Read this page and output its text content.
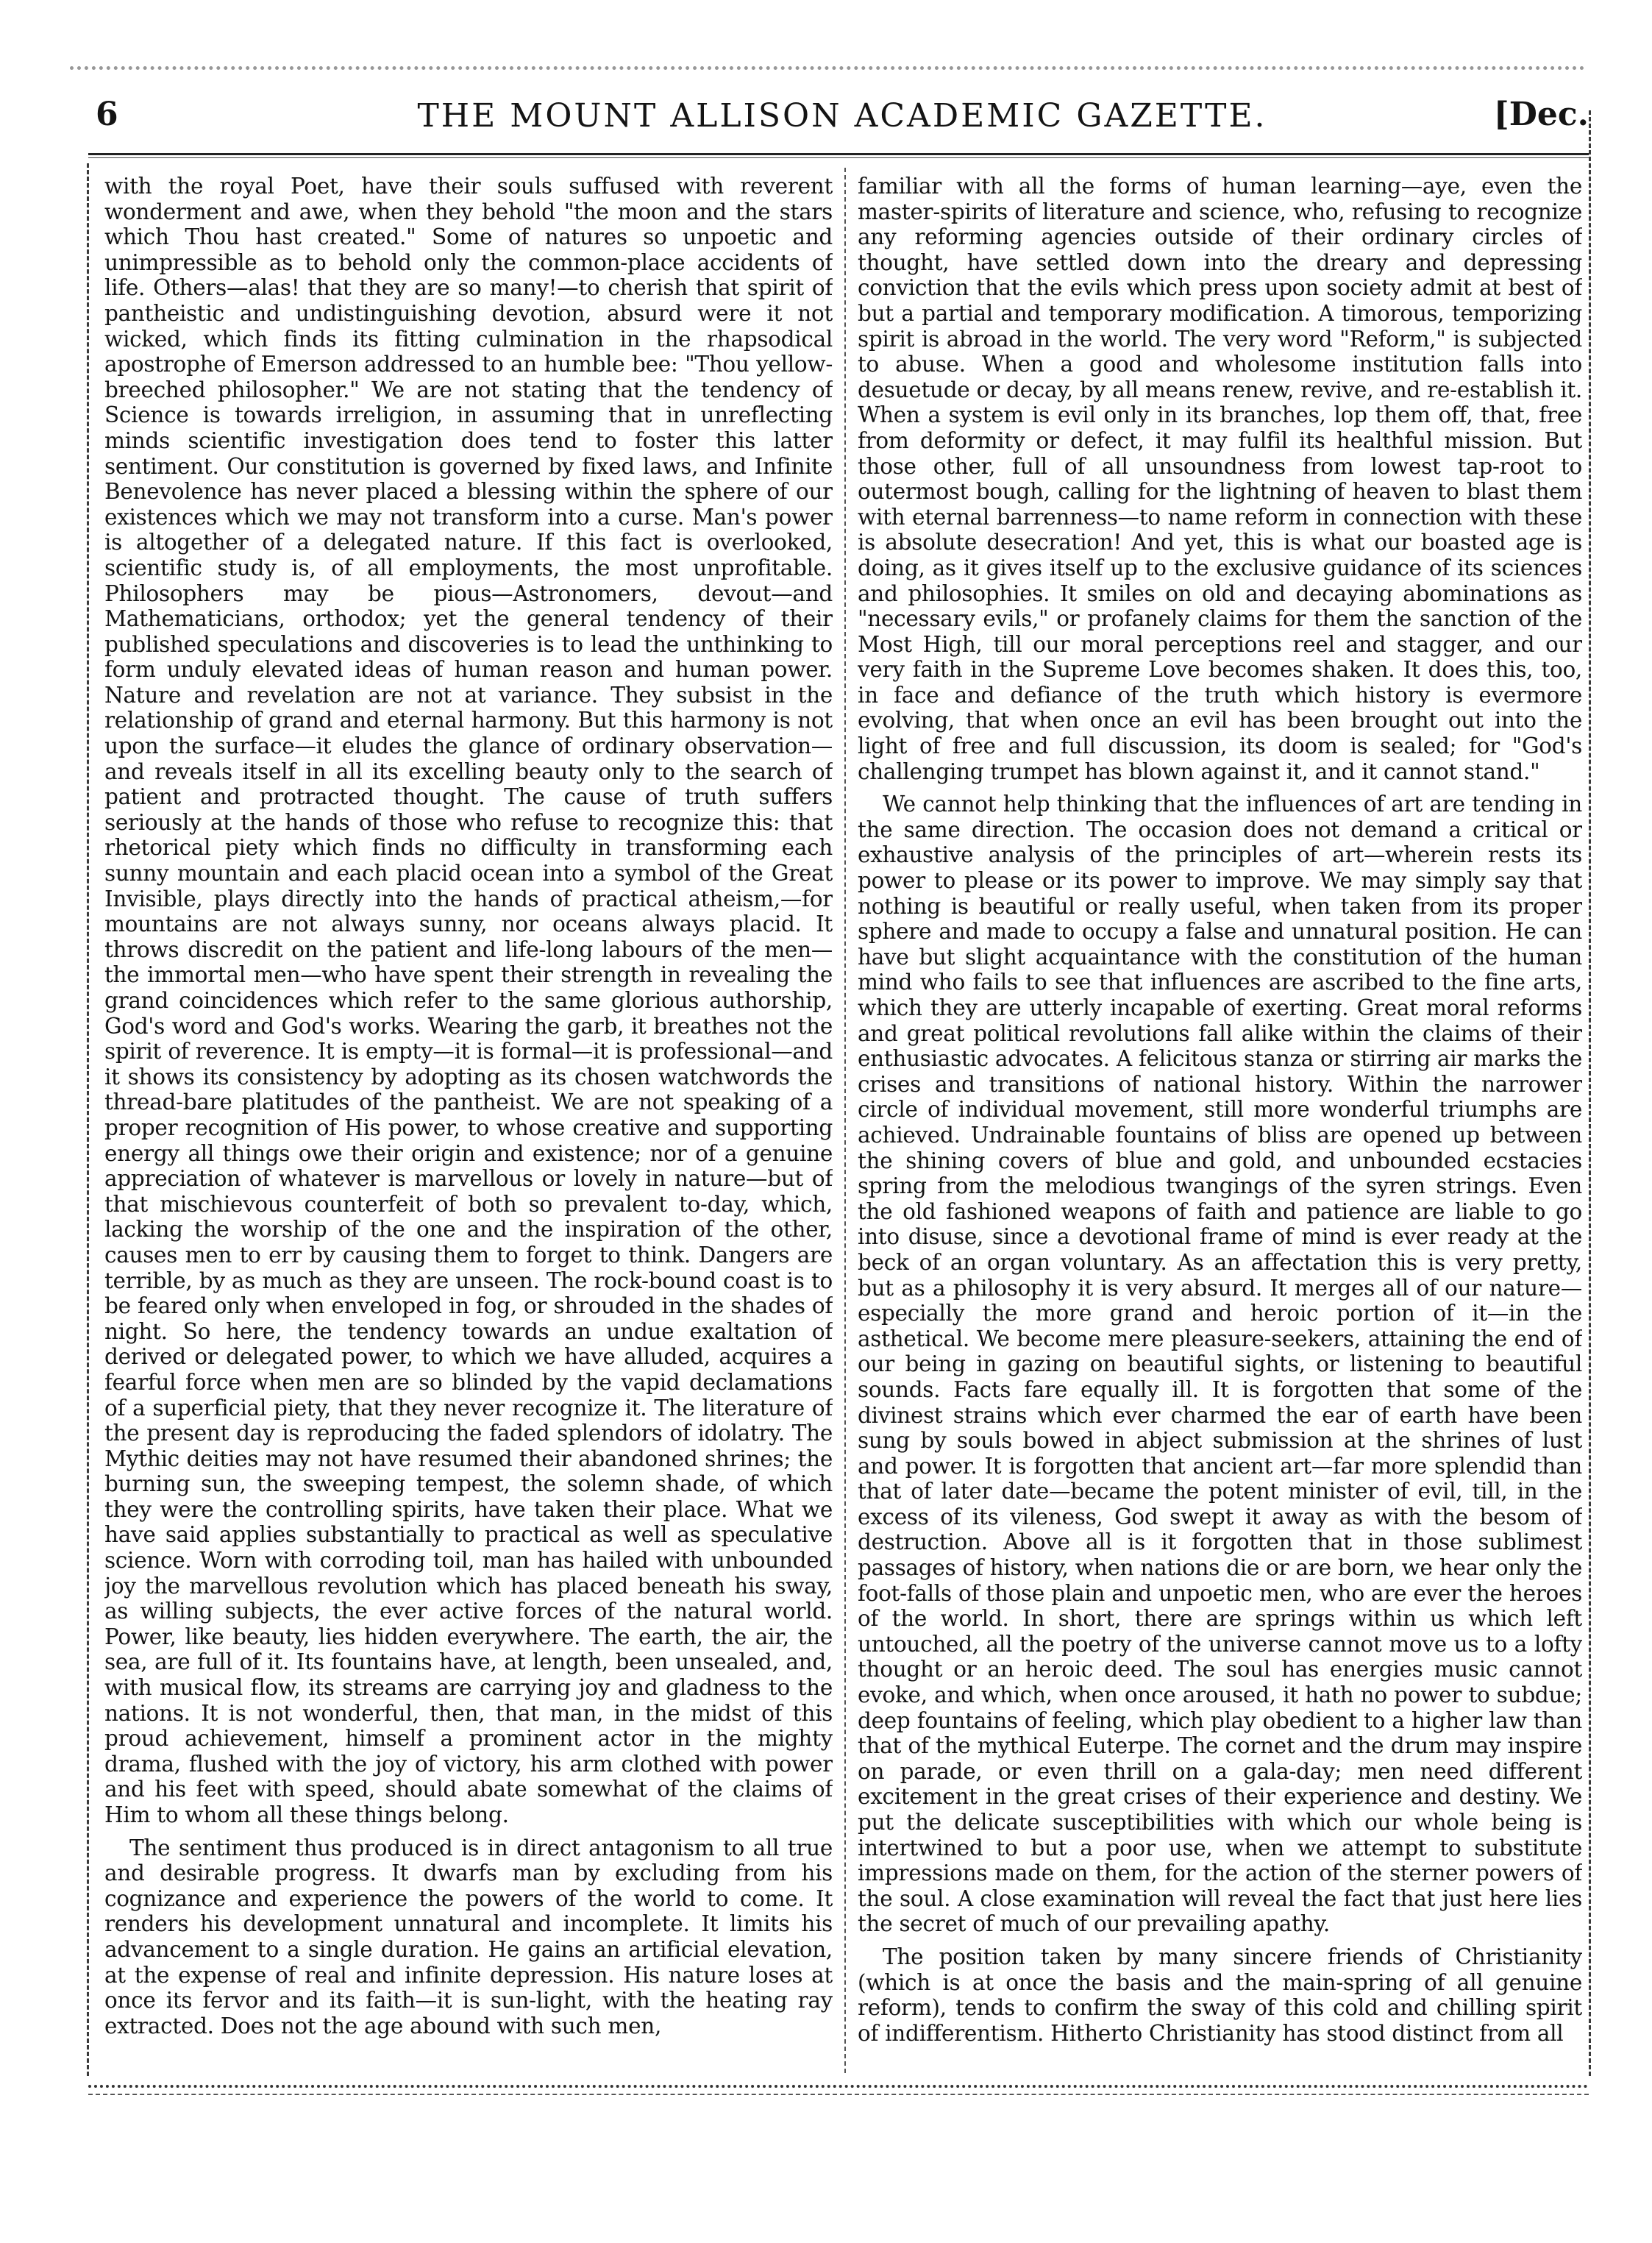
6	THE MOUNT ALLISON ACADEMIC GAZETTE.	[Dec.

with the royal Poet, have their souls suffused with reverent wonderment and awe, when they behold "the moon and the stars which Thou hast created." Some of natures so unpoetic and unimpressible as to behold only the common-place accidents of life. Others—alas! that they are so many!—to cherish that spirit of pantheistic and undistinguishing devotion, absurd were it not wicked, which finds its fitting culmination in the rhapsodical apostrophe of Emerson addressed to an humble bee: "Thou yellow-breeched philosopher." We are not stating that the tendency of Science is towards irreligion, in assuming that in unreflecting minds scientific investigation does tend to foster this latter sentiment. Our constitution is governed by fixed laws, and Infinite Benevolence has never placed a blessing within the sphere of our existences which we may not transform into a curse. Man's power is altogether of a delegated nature. If this fact is overlooked, scientific study is, of all employments, the most unprofitable. Philosophers may be pious—Astronomers, devout—and Mathematicians, orthodox; yet the general tendency of their published speculations and discoveries is to lead the unthinking to form unduly elevated ideas of human reason and human power. Nature and revelation are not at variance. They subsist in the relationship of grand and eternal harmony. But this harmony is not upon the surface—it eludes the glance of ordinary observation—and reveals itself in all its excelling beauty only to the search of patient and protracted thought. The cause of truth suffers seriously at the hands of those who refuse to recognize this: that rhetorical piety which finds no difficulty in transforming each sunny mountain and each placid ocean into a symbol of the Great Invisible, plays directly into the hands of practical atheism,—for mountains are not always sunny, nor oceans always placid. It throws discredit on the patient and life-long labours of the men—the immortal men—who have spent their strength in revealing the grand coincidences which refer to the same glorious authorship, God's word and God's works. Wearing the garb, it breathes not the spirit of reverence. It is empty—it is formal—it is professional—and it shows its consistency by adopting as its chosen watchwords the thread-bare platitudes of the pantheist. We are not speaking of a proper recognition of His power, to whose creative and supporting energy all things owe their origin and existence; nor of a genuine appreciation of whatever is marvellous or lovely in nature—but of that mischievous counterfeit of both so prevalent to-day, which, lacking the worship of the one and the inspiration of the other, causes men to err by causing them to forget to think. Dangers are terrible, by as much as they are unseen. The rock-bound coast is to be feared only when enveloped in fog, or shrouded in the shades of night. So here, the tendency towards an undue exaltation of derived or delegated power, to which we have alluded, acquires a fearful force when men are so blinded by the vapid declamations of a superficial piety, that they never recognize it. The literature of the present day is reproducing the faded splendors of idolatry. The Mythic deities may not have resumed their abandoned shrines; the burning sun, the sweeping tempest, the solemn shade, of which they were the controlling spirits, have taken their place. What we have said applies substantially to practical as well as speculative science. Worn with corroding toil, man has hailed with unbounded joy the marvellous revolution which has placed beneath his sway, as willing subjects, the ever active forces of the natural world. Power, like beauty, lies hidden everywhere. The earth, the air, the sea, are full of it. Its fountains have, at length, been unsealed, and, with musical flow, its streams are carrying joy and gladness to the nations. It is not wonderful, then, that man, in the midst of this proud achievement, himself a prominent actor in the mighty drama, flushed with the joy of victory, his arm clothed with power and his feet with speed, should abate somewhat of the claims of Him to whom all these things belong.

The sentiment thus produced is in direct antagonism to all true and desirable progress. It dwarfs man by excluding from his cognizance and experience the powers of the world to come. It renders his development unnatural and incomplete. It limits his advancement to a single duration. He gains an artificial elevation, at the expense of real and infinite depression. His nature loses at once its fervor and its faith—it is sun-light, with the heating ray extracted. Does not the age abound with such men,

familiar with all the forms of human learning—aye, even the master-spirits of literature and science, who, refusing to recognize any reforming agencies outside of their ordinary circles of thought, have settled down into the dreary and depressing conviction that the evils which press upon society admit at best of but a partial and temporary modification. A timorous, temporizing spirit is abroad in the world. The very word "Reform," is subjected to abuse. When a good and wholesome institution falls into desuetude or decay, by all means renew, revive, and re-establish it. When a system is evil only in its branches, lop them off, that, free from deformity or defect, it may fulfil its healthful mission. But those other, full of all unsoundness from lowest tap-root to outermost bough, calling for the lightning of heaven to blast them with eternal barrenness—to name reform in connection with these is absolute desecration! And yet, this is what our boasted age is doing, as it gives itself up to the exclusive guidance of its sciences and philosophies. It smiles on old and decaying abominations as "necessary evils," or profanely claims for them the sanction of the Most High, till our moral perceptions reel and stagger, and our very faith in the Supreme Love becomes shaken. It does this, too, in face and defiance of the truth which history is evermore evolving, that when once an evil has been brought out into the light of free and full discussion, its doom is sealed; for "God's challenging trumpet has blown against it, and it cannot stand."

We cannot help thinking that the influences of art are tending in the same direction. The occasion does not demand a critical or exhaustive analysis of the principles of art—wherein rests its power to please or its power to improve. We may simply say that nothing is beautiful or really useful, when taken from its proper sphere and made to occupy a false and unnatural position. He can have but slight acquaintance with the constitution of the human mind who fails to see that influences are ascribed to the fine arts, which they are utterly incapable of exerting. Great moral reforms and great political revolutions fall alike within the claims of their enthusiastic advocates. A felicitous stanza or stirring air marks the crises and transitions of national history. Within the narrower circle of individual movement, still more wonderful triumphs are achieved. Undrainable fountains of bliss are opened up between the shining covers of blue and gold, and unbounded ecstacies spring from the melodious twangings of the syren strings. Even the old fashioned weapons of faith and patience are liable to go into disuse, since a devotional frame of mind is ever ready at the beck of an organ voluntary. As an affectation this is very pretty, but as a philosophy it is very absurd. It merges all of our nature—especially the more grand and heroic portion of it—in the asthetical. We become mere pleasure-seekers, attaining the end of our being in gazing on beautiful sights, or listening to beautiful sounds. Facts fare equally ill. It is forgotten that some of the divinest strains which ever charmed the ear of earth have been sung by souls bowed in abject submission at the shrines of lust and power. It is forgotten that ancient art—far more splendid than that of later date—became the potent minister of evil, till, in the excess of its vileness, God swept it away as with the besom of destruction. Above all is it forgotten that in those sublimest passages of history, when nations die or are born, we hear only the foot-falls of those plain and unpoetic men, who are ever the heroes of the world. In short, there are springs within us which left untouched, all the poetry of the universe cannot move us to a lofty thought or an heroic deed. The soul has energies music cannot evoke, and which, when once aroused, it hath no power to subdue; deep fountains of feeling, which play obedient to a higher law than that of the mythical Euterpe. The cornet and the drum may inspire on parade, or even thrill on a gala-day; men need different excitement in the great crises of their experience and destiny. We put the delicate susceptibilities with which our whole being is intertwined to but a poor use, when we attempt to substitute impressions made on them, for the action of the sterner powers of the soul. A close examination will reveal the fact that just here lies the secret of much of our prevailing apathy.

The position taken by many sincere friends of Christianity (which is at once the basis and the main-spring of all genuine reform), tends to confirm the sway of this cold and chilling spirit of indifferentism. Hitherto Christianity has stood distinct from all
